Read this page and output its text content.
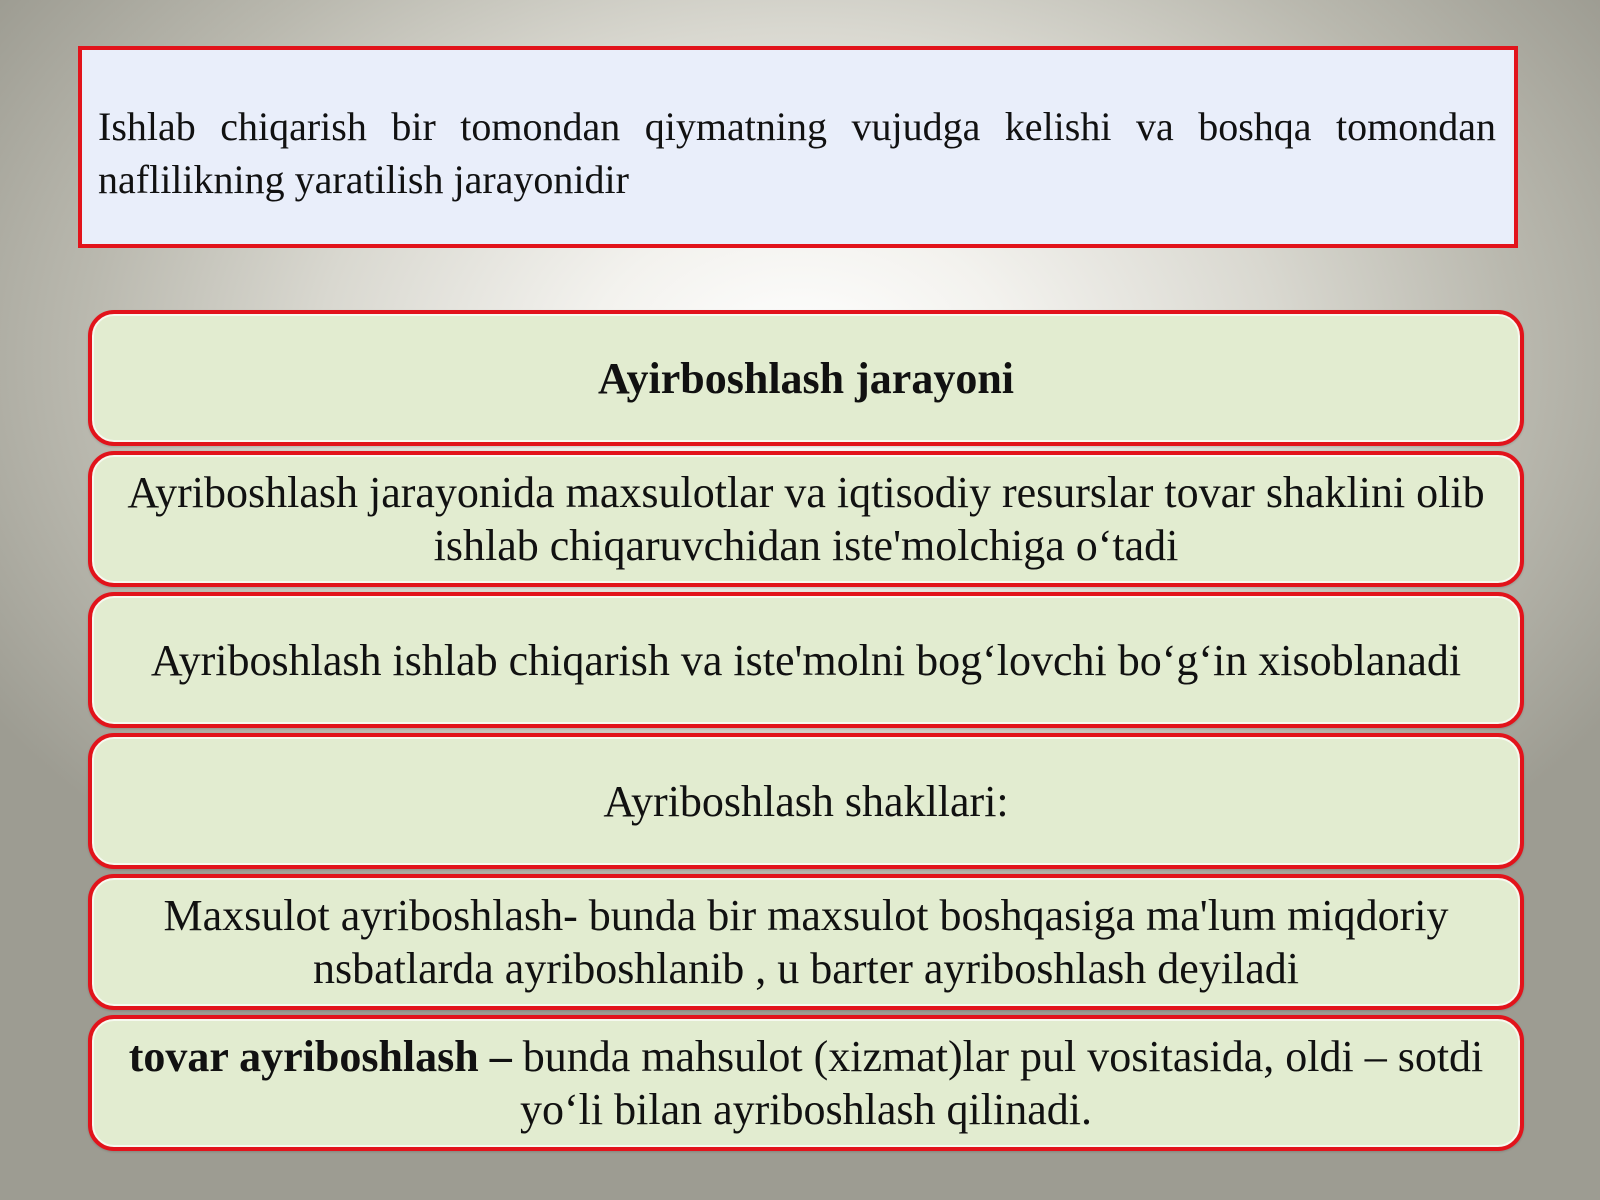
Ishlab chiqarish bir tomondan qiymatning vujudga kelishi va boshqa tomondan naflilikning yaratilish jarayonidir
Ayirboshlash jarayoni
Ayriboshlash jarayonida maxsulotlar va iqtisodiy resurslar tovar shaklini olib ishlab chiqaruvchidan iste'molchiga o‘tadi
Ayriboshlash ishlab chiqarish va iste'molni bog‘lovchi bo‘g‘in xisoblanadi
Ayriboshlash shakllari:
Maxsulot ayriboshlash- bunda bir maxsulot boshqasiga ma'lum miqdoriy nsbatlarda ayriboshlanib , u barter ayriboshlash deyiladi
tovar ayriboshlash – bunda mahsulot (xizmat)lar pul vositasida, oldi – sotdi yo‘li bilan ayriboshlash qilinadi.
